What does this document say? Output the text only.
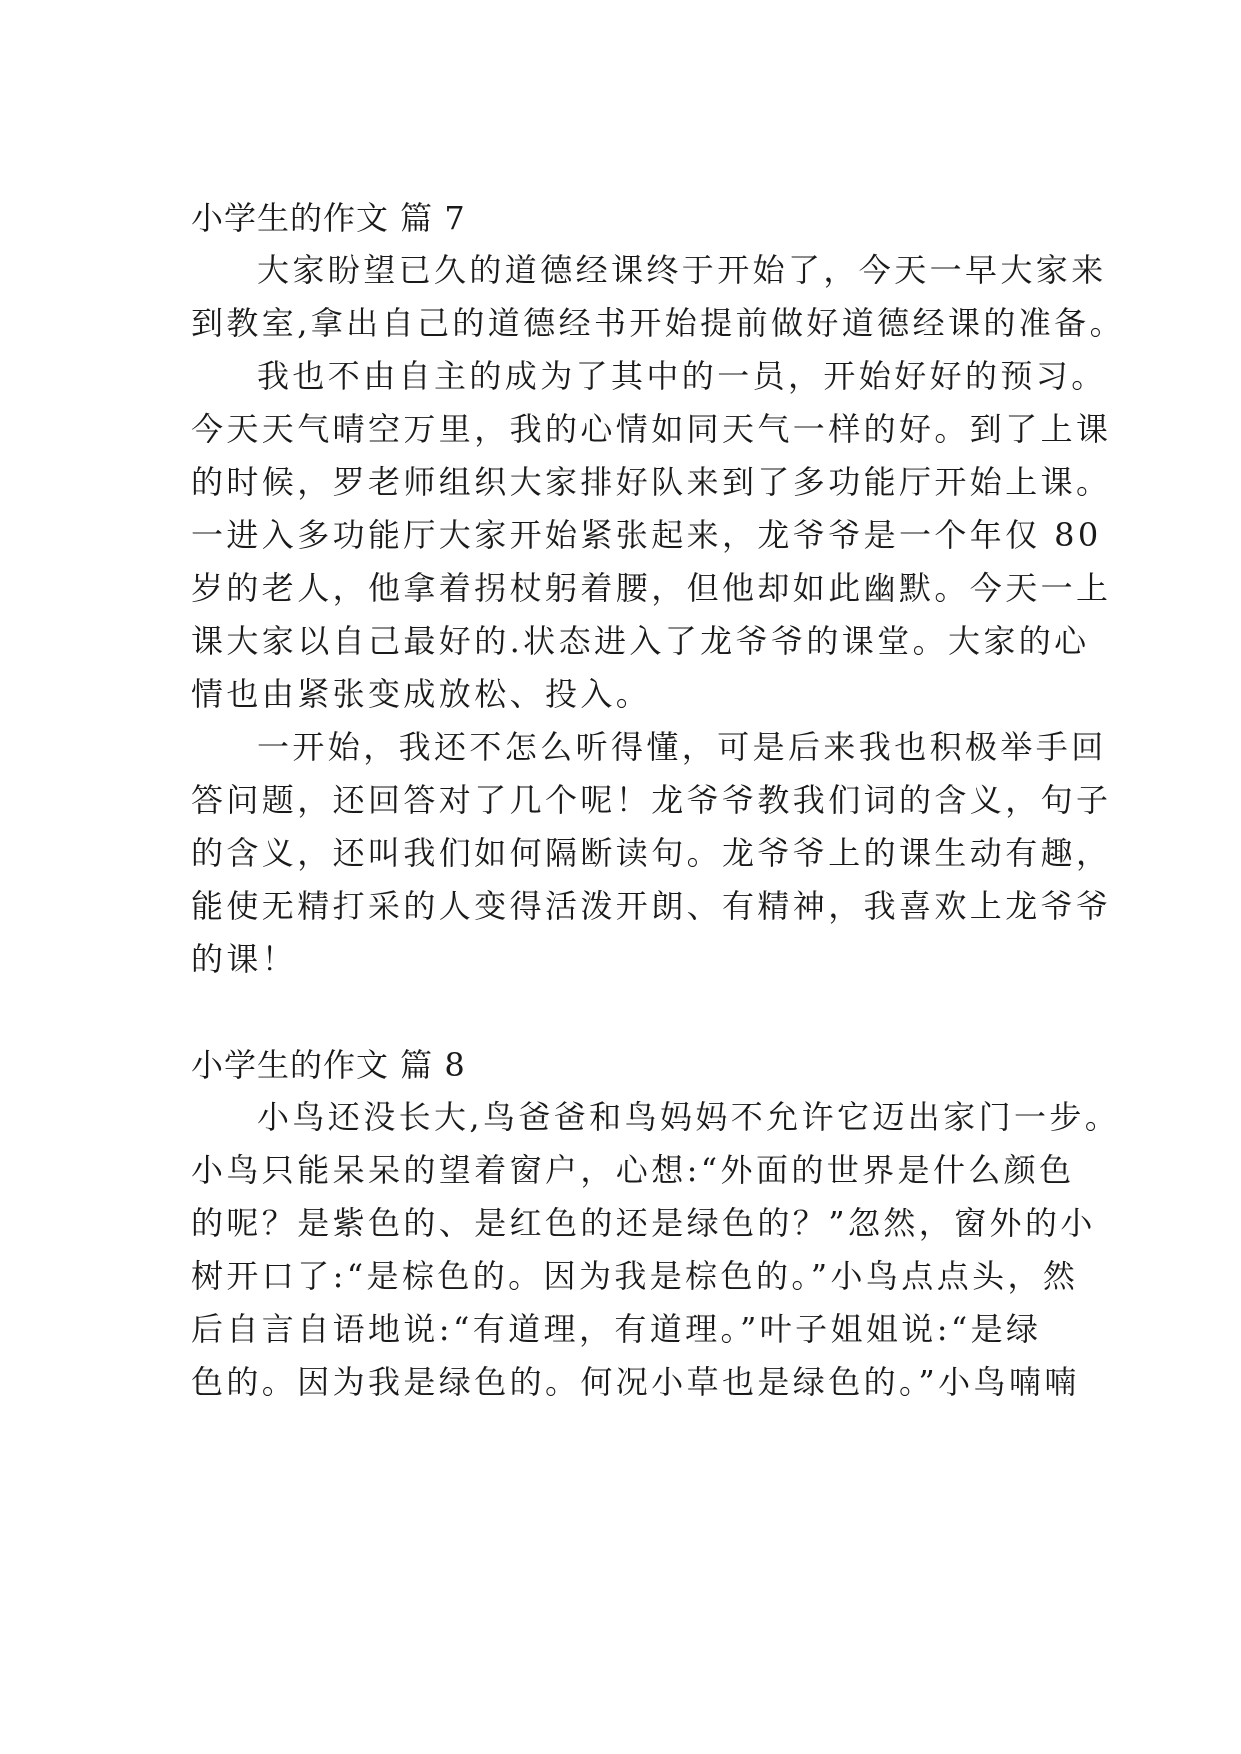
小学生的作文 篇 7
大家盼望已久的道德经课终于开始了，今天一早大家来
到教室,拿出自己的道德经书开始提前做好道德经课的准备。
我也不由自主的成为了其中的一员，开始好好的预习。
今天天气晴空万里，我的心情如同天气一样的好。到了上课
的时候，罗老师组织大家排好队来到了多功能厅开始上课。
一进入多功能厅大家开始紧张起来，龙爷爷是一个年仅 80
岁的老人，他拿着拐杖躬着腰，但他却如此幽默。今天一上
课大家以自己最好的.状态进入了龙爷爷的课堂。大家的心
情也由紧张变成放松、投入。
一开始，我还不怎么听得懂，可是后来我也积极举手回
答问题，还回答对了几个呢！龙爷爷教我们词的含义，句子
的含义，还叫我们如何隔断读句。龙爷爷上的课生动有趣，
能使无精打采的人变得活泼开朗、有精神，我喜欢上龙爷爷
的课！
小学生的作文 篇 8
小鸟还没长大,鸟爸爸和鸟妈妈不允许它迈出家门一步。
小鸟只能呆呆的望着窗户，心想:“外面的世界是什么颜色
的呢？是紫色的、是红色的还是绿色的？”忽然，窗外的小
树开口了:“是棕色的。因为我是棕色的。”小鸟点点头，然
后自言自语地说:“有道理，有道理。”叶子姐姐说:“是绿
色的。因为我是绿色的。何况小草也是绿色的。”小鸟喃喃
